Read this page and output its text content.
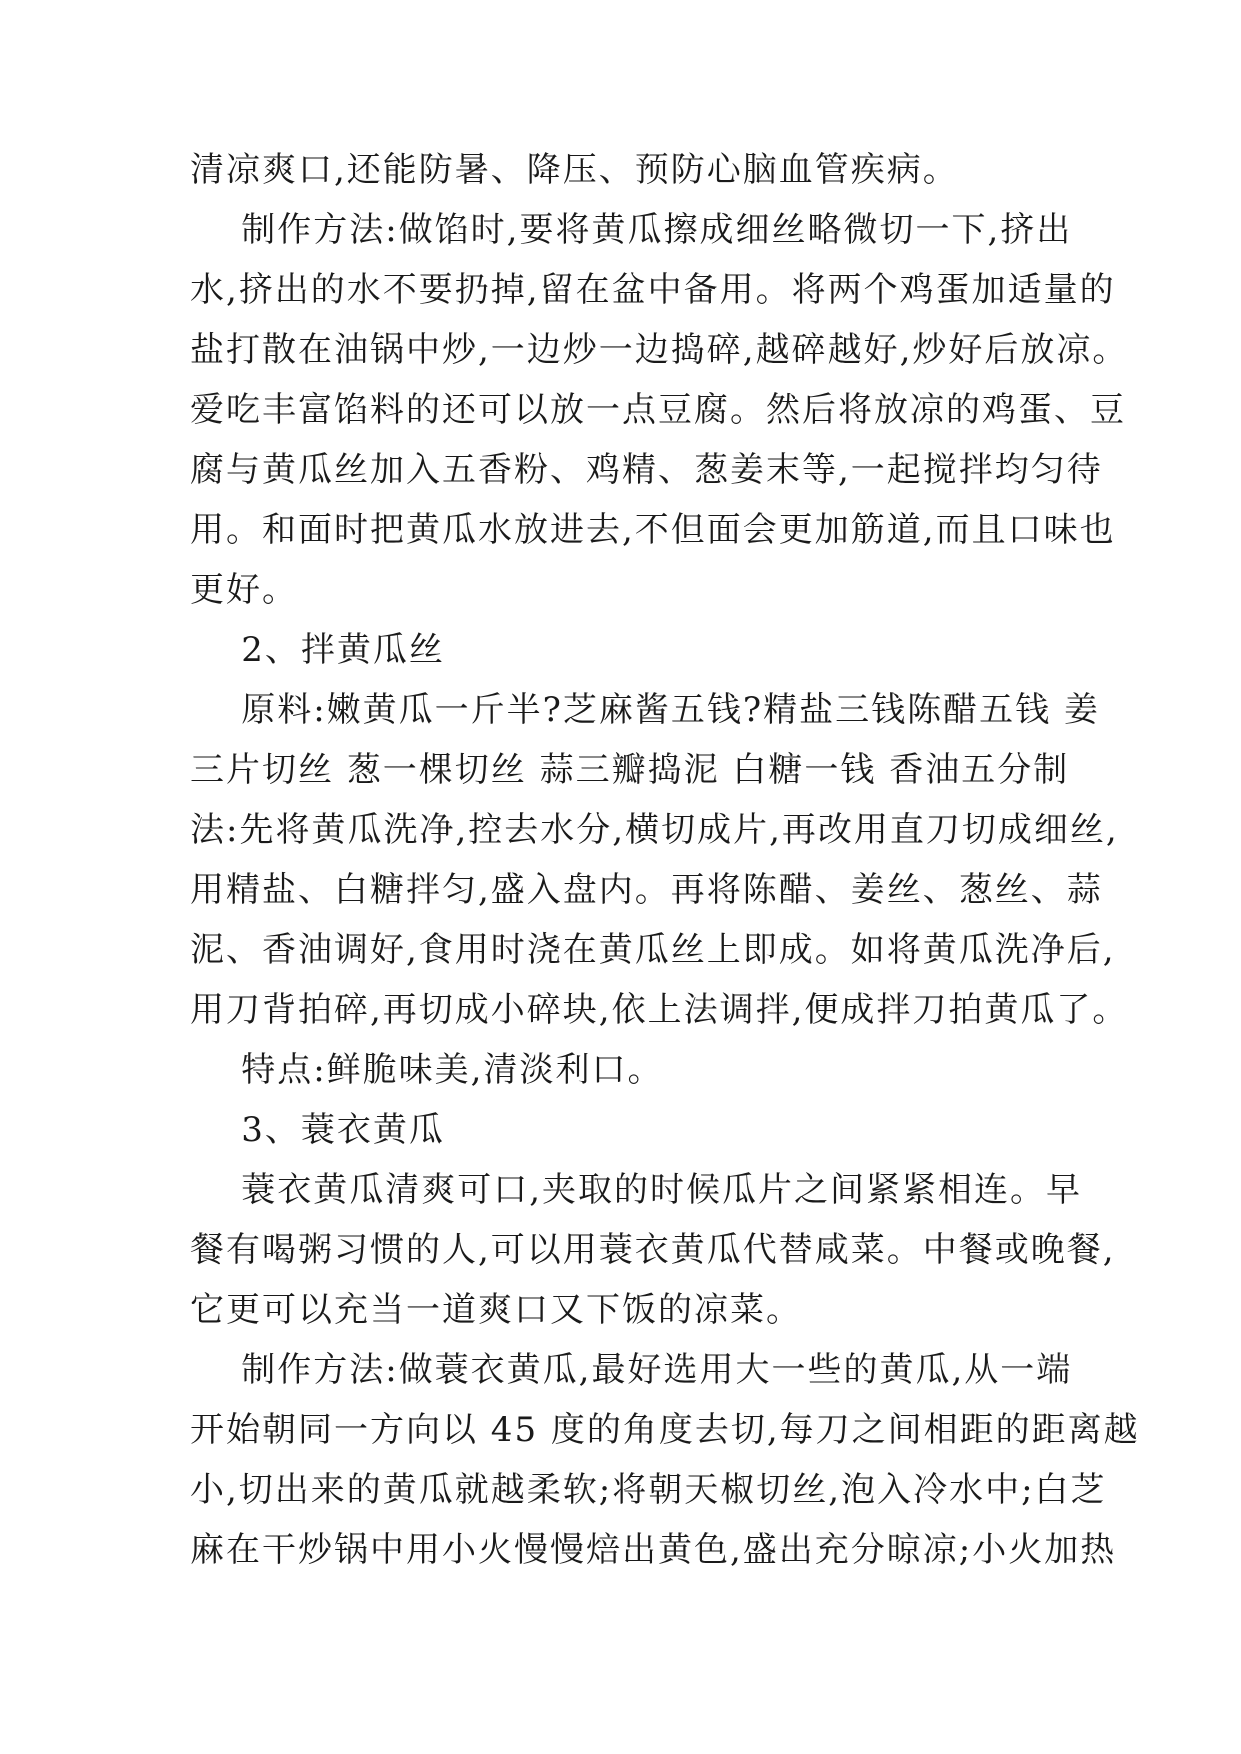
清凉爽口,还能防暑、降压、预防心脑血管疾病。
制作方法:做馅时,要将黄瓜擦成细丝略微切一下,挤出
水,挤出的水不要扔掉,留在盆中备用。将两个鸡蛋加适量的
盐打散在油锅中炒,一边炒一边捣碎,越碎越好,炒好后放凉。
爱吃丰富馅料的还可以放一点豆腐。然后将放凉的鸡蛋、豆
腐与黄瓜丝加入五香粉、鸡精、葱姜末等,一起搅拌均匀待
用。和面时把黄瓜水放进去,不但面会更加筋道,而且口味也
更好。
2、拌黄瓜丝
原料:嫩黄瓜一斤半?芝麻酱五钱?精盐三钱陈醋五钱 姜
三片切丝 葱一棵切丝 蒜三瓣捣泥 白糖一钱 香油五分制
法:先将黄瓜洗净,控去水分,横切成片,再改用直刀切成细丝,
用精盐、白糖拌匀,盛入盘内。再将陈醋、姜丝、葱丝、蒜
泥、香油调好,食用时浇在黄瓜丝上即成。如将黄瓜洗净后,
用刀背拍碎,再切成小碎块,依上法调拌,便成拌刀拍黄瓜了。
特点:鲜脆味美,清淡利口。
3、蓑衣黄瓜
蓑衣黄瓜清爽可口,夹取的时候瓜片之间紧紧相连。早
餐有喝粥习惯的人,可以用蓑衣黄瓜代替咸菜。中餐或晚餐,
它更可以充当一道爽口又下饭的凉菜。
制作方法:做蓑衣黄瓜,最好选用大一些的黄瓜,从一端
开始朝同一方向以 45 度的角度去切,每刀之间相距的距离越
小,切出来的黄瓜就越柔软;将朝天椒切丝,泡入冷水中;白芝
麻在干炒锅中用小火慢慢焙出黄色,盛出充分晾凉;小火加热
